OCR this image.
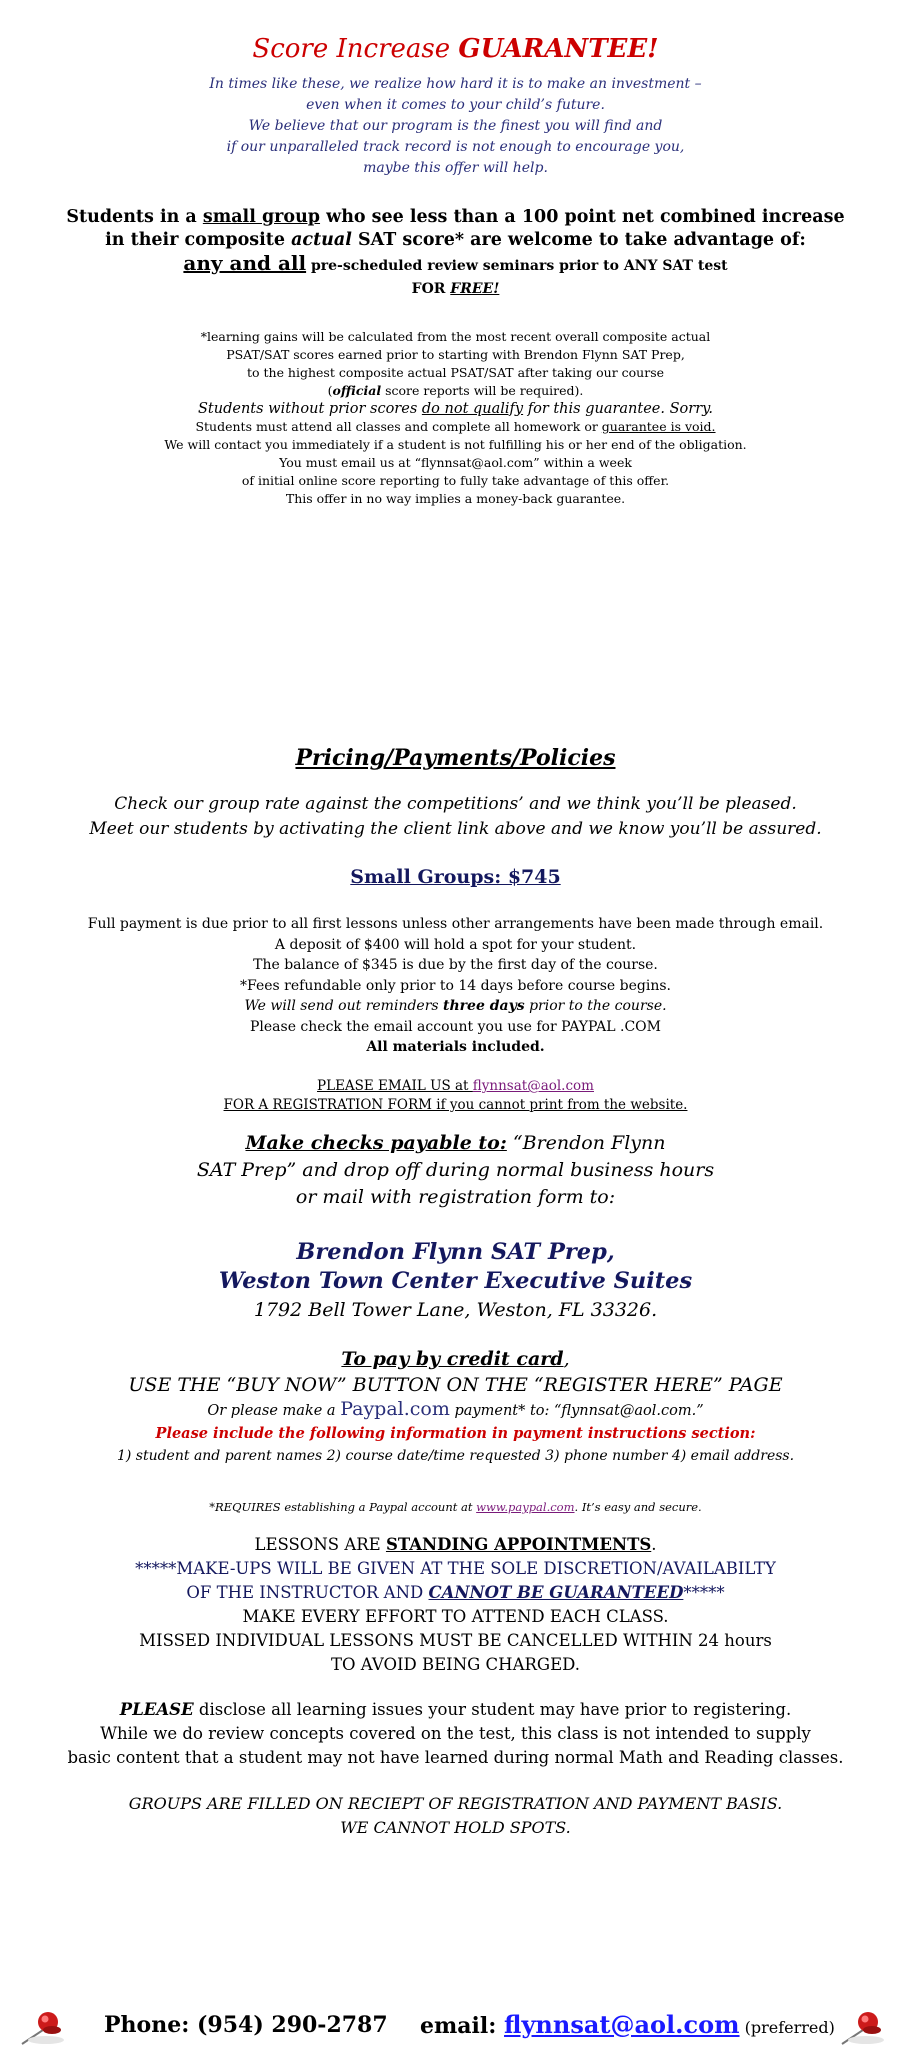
Score Increase GUARANTEE!
In times like these, we realize how hard it is to make an investment –
even when it comes to your child’s future.
We believe that our program is the finest you will find and
if our unparalleled track record is not enough to encourage you,
maybe this offer will help.
Students in a small group who see less than a 100 point net combined increase
in their composite actual SAT score* are welcome to take advantage of:
any and all pre-scheduled review seminars prior to ANY SAT test
FOR FREE!
*learning gains will be calculated from the most recent overall composite actual
PSAT/SAT scores earned prior to starting with Brendon Flynn SAT Prep,
to the highest composite actual PSAT/SAT after taking our course
(official score reports will be required).
Students without prior scores do not qualify for this guarantee. Sorry.
Students must attend all classes and complete all homework or guarantee is void.
We will contact you immediately if a student is not fulfilling his or her end of the obligation.
You must email us at “flynnsat@aol.com” within a week
of initial online score reporting to fully take advantage of this offer.
This offer in no way implies a money-back guarantee.
Pricing/Payments/Policies
Check our group rate against the competitions’ and we think you’ll be pleased.
Meet our students by activating the client link above and we know you’ll be assured.
Small Groups: $745
Full payment is due prior to all first lessons unless other arrangements have been made through email.
A deposit of $400 will hold a spot for your student.
The balance of $345 is due by the first day of the course.
*Fees refundable only prior to 14 days before course begins.
We will send out reminders three days prior to the course.
Please check the email account you use for PAYPAL .COM
All materials included.
PLEASE EMAIL US at flynnsat@aol.com
FOR A REGISTRATION FORM if you cannot print from the website.
Make checks payable to: “Brendon Flynn
SAT Prep” and drop off during normal business hours
or mail with registration form to:
Brendon Flynn SAT Prep,
Weston Town Center Executive Suites
1792 Bell Tower Lane, Weston, FL 33326.
To pay by credit card,
USE THE “BUY NOW” BUTTON ON THE “REGISTER HERE” PAGE
Or please make a Paypal.com payment* to: “flynnsat@aol.com.”
Please include the following information in payment instructions section:
1) student and parent names 2) course date/time requested 3) phone number 4) email address.
*REQUIRES establishing a Paypal account at www.paypal.com. It’s easy and secure.
LESSONS ARE STANDING APPOINTMENTS.
*****MAKE-UPS WILL BE GIVEN AT THE SOLE DISCRETION/AVAILABILTY
OF THE INSTRUCTOR AND CANNOT BE GUARANTEED*****
MAKE EVERY EFFORT TO ATTEND EACH CLASS.
MISSED INDIVIDUAL LESSONS MUST BE CANCELLED WITHIN 24 hours
TO AVOID BEING CHARGED.
PLEASE disclose all learning issues your student may have prior to registering.
While we do review concepts covered on the test, this class is not intended to supply
basic content that a student may not have learned during normal Math and Reading classes.
GROUPS ARE FILLED ON RECIEPT OF REGISTRATION AND PAYMENT BASIS.
WE CANNOT HOLD SPOTS.
Phone: (954) 290-2787 email: flynnsat@aol.com (preferred)
